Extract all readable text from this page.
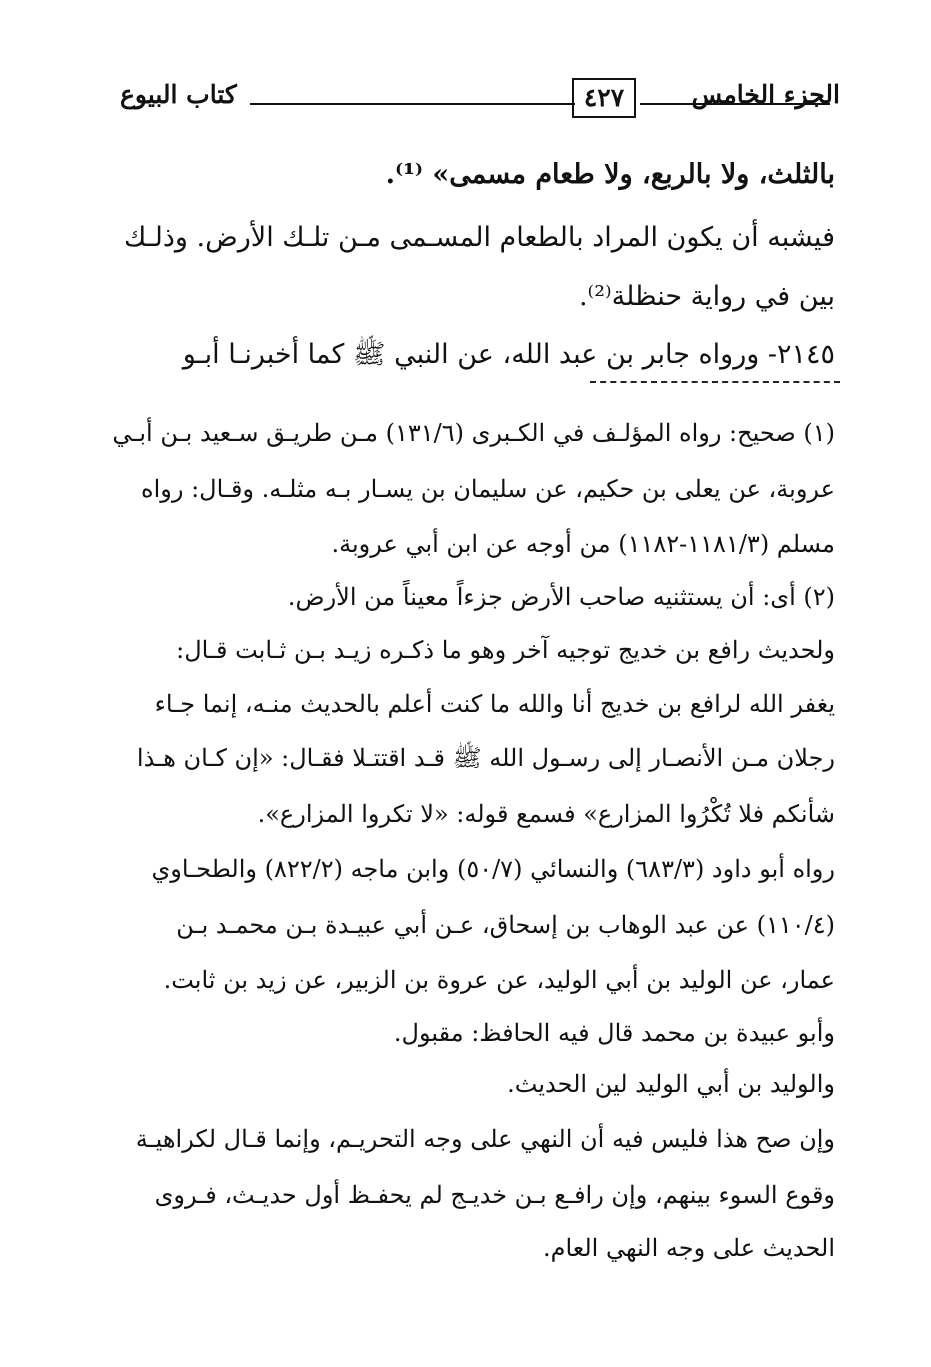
الجزء الخامس
٤٢٧
كتاب البيوع
بالثلث، ولا بالربع، ولا طعام مسمى» ⁽¹⁾.
فيشبه أن يكون المراد بالطعام المسـمى مـن تلـك الأرض. وذلـك
بين في رواية حنظلة⁽²⁾.
٢١٤٥- ورواه جابر بن عبد الله، عن النبي ﷺ كما أخبرنـا أبـو
(١) صحيح: رواه المؤلـف في الكـبرى (١٣١/٦) مـن طريـق سـعيد بـن أبـي
عروبة، عن يعلى بن حكيم، عن سليمان بن يسـار بـه مثلـه. وقـال: رواه
مسلم (١١٨١/٣-١١٨٢) من أوجه عن ابن أبي عروبة.
(٢) أى: أن يستثنيه صاحب الأرض جزءاً معيناً من الأرض.
ولحديث رافع بن خديج توجيه آخر وهو ما ذكـره زيـد بـن ثـابت قـال:
يغفر الله لرافع بن خديج أنا والله ما كنت أعلم بالحديث منـه، إنما جـاء
رجلان مـن الأنصـار إلى رسـول الله ﷺ قـد اقتتـلا فقـال: «إن كـان هـذا
شأنكم فلا تُكْرُوا المزارع» فسمع قوله: «لا تكروا المزارع».
رواه أبو داود (٦٨٣/٣) والنسائي (٥٠/٧) وابن ماجه (٨٢٢/٢) والطحـاوي
(١١٠/٤) عن عبد الوهاب بن إسحاق، عـن أبي عبيـدة بـن محمـد بـن
عمار، عن الوليد بن أبي الوليد، عن عروة بن الزبير، عن زيد بن ثابت.
وأبو عبيدة بن محمد قال فيه الحافظ: مقبول.
والوليد بن أبي الوليد لين الحديث.
وإن صح هذا فليس فيه أن النهي على وجه التحريـم، وإنما قـال لكراهيـة
وقوع السوء بينهم، وإن رافـع بـن خديـج لم يحفـظ أول حديـث، فـروى
الحديث على وجه النهي العام.
